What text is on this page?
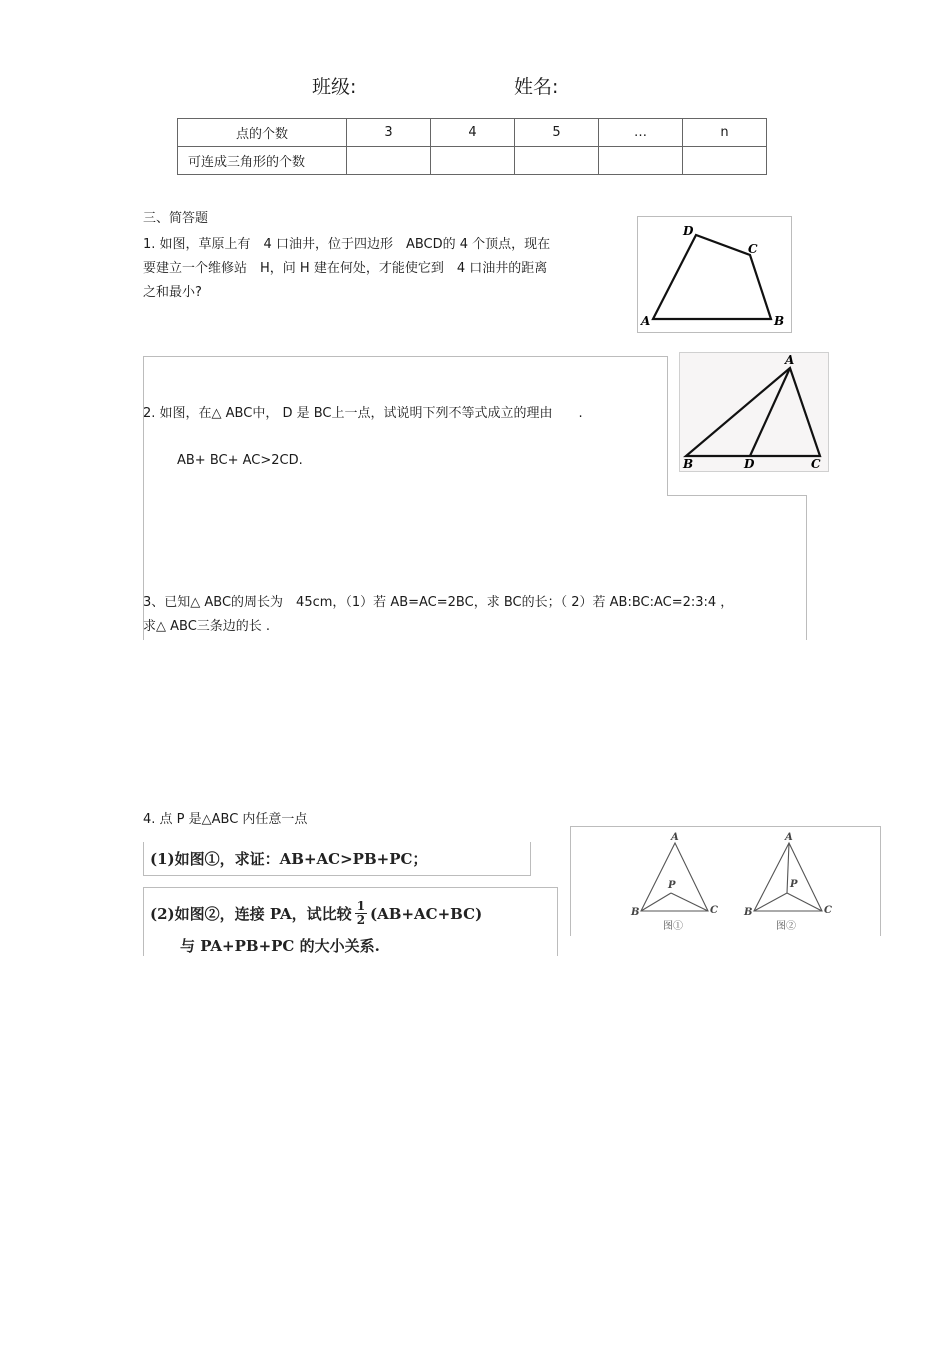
班级:	姓名:
点的个数	3	4	5	…	n
可连成三角形的个数					
三、简答题
1. 如图，草原上有　4 口油井，位于四边形　ABCD的 4 个顶点，现在
要建立一个维修站　H，问 H 建在何处，才能使它到　4 口油井的距离
之和最小?
A	B
C
D
2. 如图，在△ ABC中， D 是 BC上一点，试说明下列不等式成立的理由　　.
AB+ BC+ AC>2CD.
A
B	C
D
3、已知△ ABC的周长为　45cm，（1）若 AB=AC=2BC，求 BC的长；（ 2）若 AB:BC:AC=2:3:4 ，
求△ ABC三条边的长 .
4. 点 P 是△ABC 内任意一点
(1)如图①，求证：AB+AC>PB+PC；
(2)如图②，连接 PA，试比较 $\frac{1}{2} (AB+AC+BC)$
与 PA+PB+PC 的大小关系.
A
B	C
P
图①
A
B	C
P
图②
